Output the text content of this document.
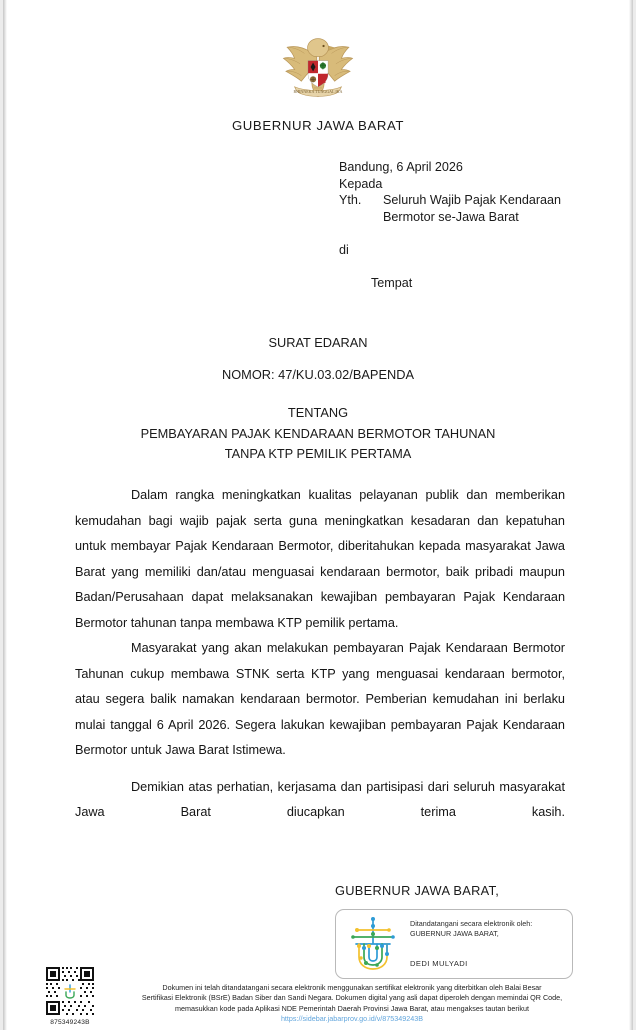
BHINNEKA TUNGGAL IKA
GUBERNUR JAWA BARAT
Bandung, 6 April 2026
Kepada
Yth.	Seluruh Wajib Pajak Kendaraan
Bermotor se-Jawa Barat
di
Tempat
SURAT EDARAN
NOMOR: 47/KU.03.02/BAPENDA
TENTANG
PEMBAYARAN PAJAK KENDARAAN BERMOTOR TAHUNAN
TANPA KTP PEMILIK PERTAMA

Dalam rangka meningkatkan kualitas pelayanan publik dan memberikan kemudahan bagi wajib pajak serta guna meningkatkan kesadaran dan kepatuhan untuk membayar Pajak Kendaraan Bermotor, diberitahukan kepada masyarakat Jawa Barat yang memiliki dan/atau menguasai kendaraan bermotor, baik pribadi maupun Badan/Perusahaan dapat melaksanakan kewajiban pembayaran Pajak Kendaraan Bermotor tahunan tanpa membawa KTP pemilik pertama.

Masyarakat yang akan melakukan pembayaran Pajak Kendaraan Bermotor Tahunan cukup membawa STNK serta KTP yang menguasai kendaraan bermotor, atau segera balik namakan kendaraan bermotor. Pemberian kemudahan ini berlaku mulai tanggal 6 April 2026. Segera lakukan kewajiban pembayaran Pajak Kendaraan Bermotor untuk Jawa Barat Istimewa.

Demikian atas perhatian, kerjasama dan partisipasi dari seluruh masyarakat Jawa Barat diucapkan terima kasih.

GUBERNUR JAWA BARAT,
Ditandatangani secara elektronik oleh:
GUBERNUR JAWA BARAT,
DEDI MULYADI
875349243B
Dokumen ini telah ditandatangani secara elektronik menggunakan sertifikat elektronik yang diterbitkan oleh Balai Besar
Sertifikasi Elektronik (BSrE) Badan Siber dan Sandi Negara. Dokumen digital yang asli dapat diperoleh dengan memindai QR Code,
memasukkan kode pada Aplikasi NDE Pemerintah Daerah Provinsi Jawa Barat, atau mengakses tautan berikut
https://sidebar.jabarprov.go.id/v/875349243B
